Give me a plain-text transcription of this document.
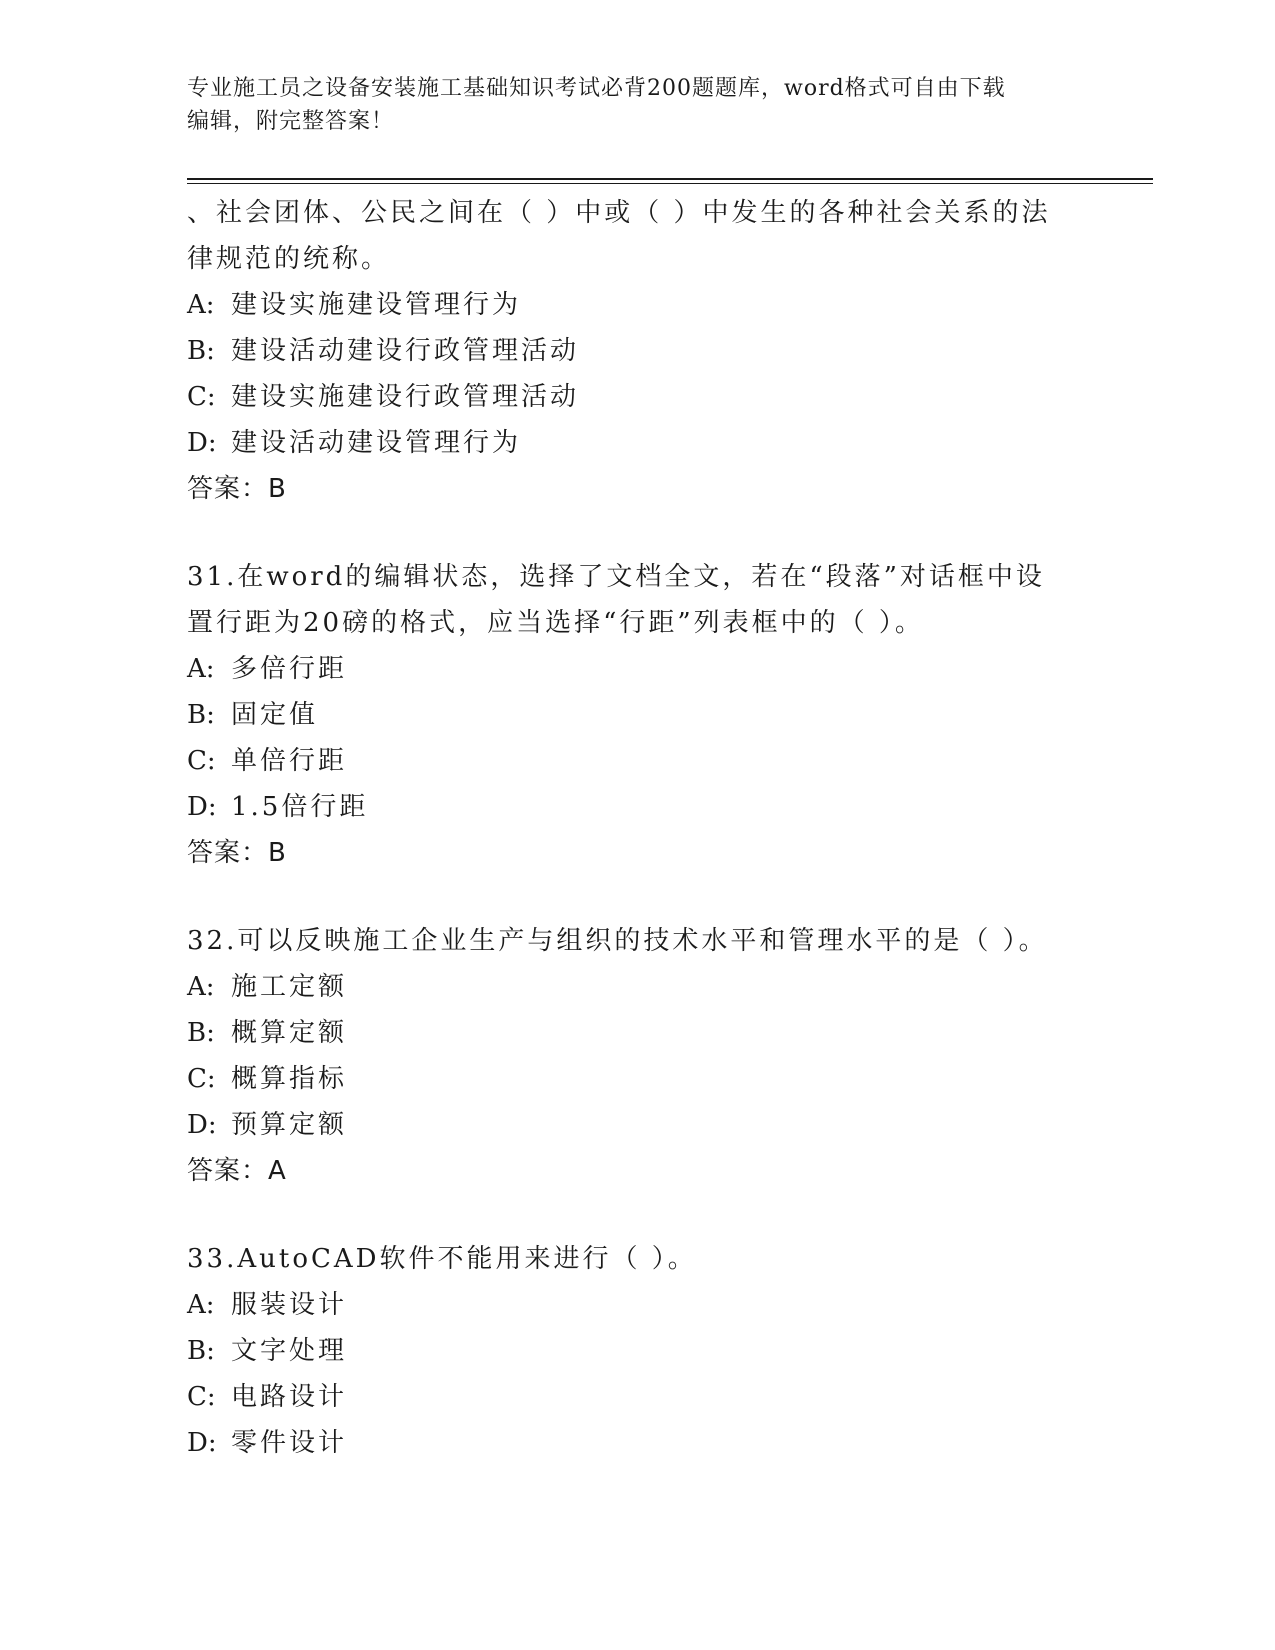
专业施工员之设备安装施工基础知识考试必背200题题库，word格式可自由下载
编辑，附完整答案！
、社会团体、公民之间在（ ）中或（ ）中发生的各种社会关系的法
律规范的统称。
A: 建设实施建设管理行为
B: 建设活动建设行政管理活动
C: 建设实施建设行政管理活动
D: 建设活动建设管理行为
答案：B
31.在word的编辑状态，选择了文档全文，若在“段落”对话框中设
置行距为20磅的格式，应当选择“行距”列表框中的（ ）。
A: 多倍行距
B: 固定值
C: 单倍行距
D: 1.5倍行距
答案：B
32.可以反映施工企业生产与组织的技术水平和管理水平的是（ ）。
A: 施工定额
B: 概算定额
C: 概算指标
D: 预算定额
答案：A
33.AutoCAD软件不能用来进行（ ）。
A: 服装设计
B: 文字处理
C: 电路设计
D: 零件设计
